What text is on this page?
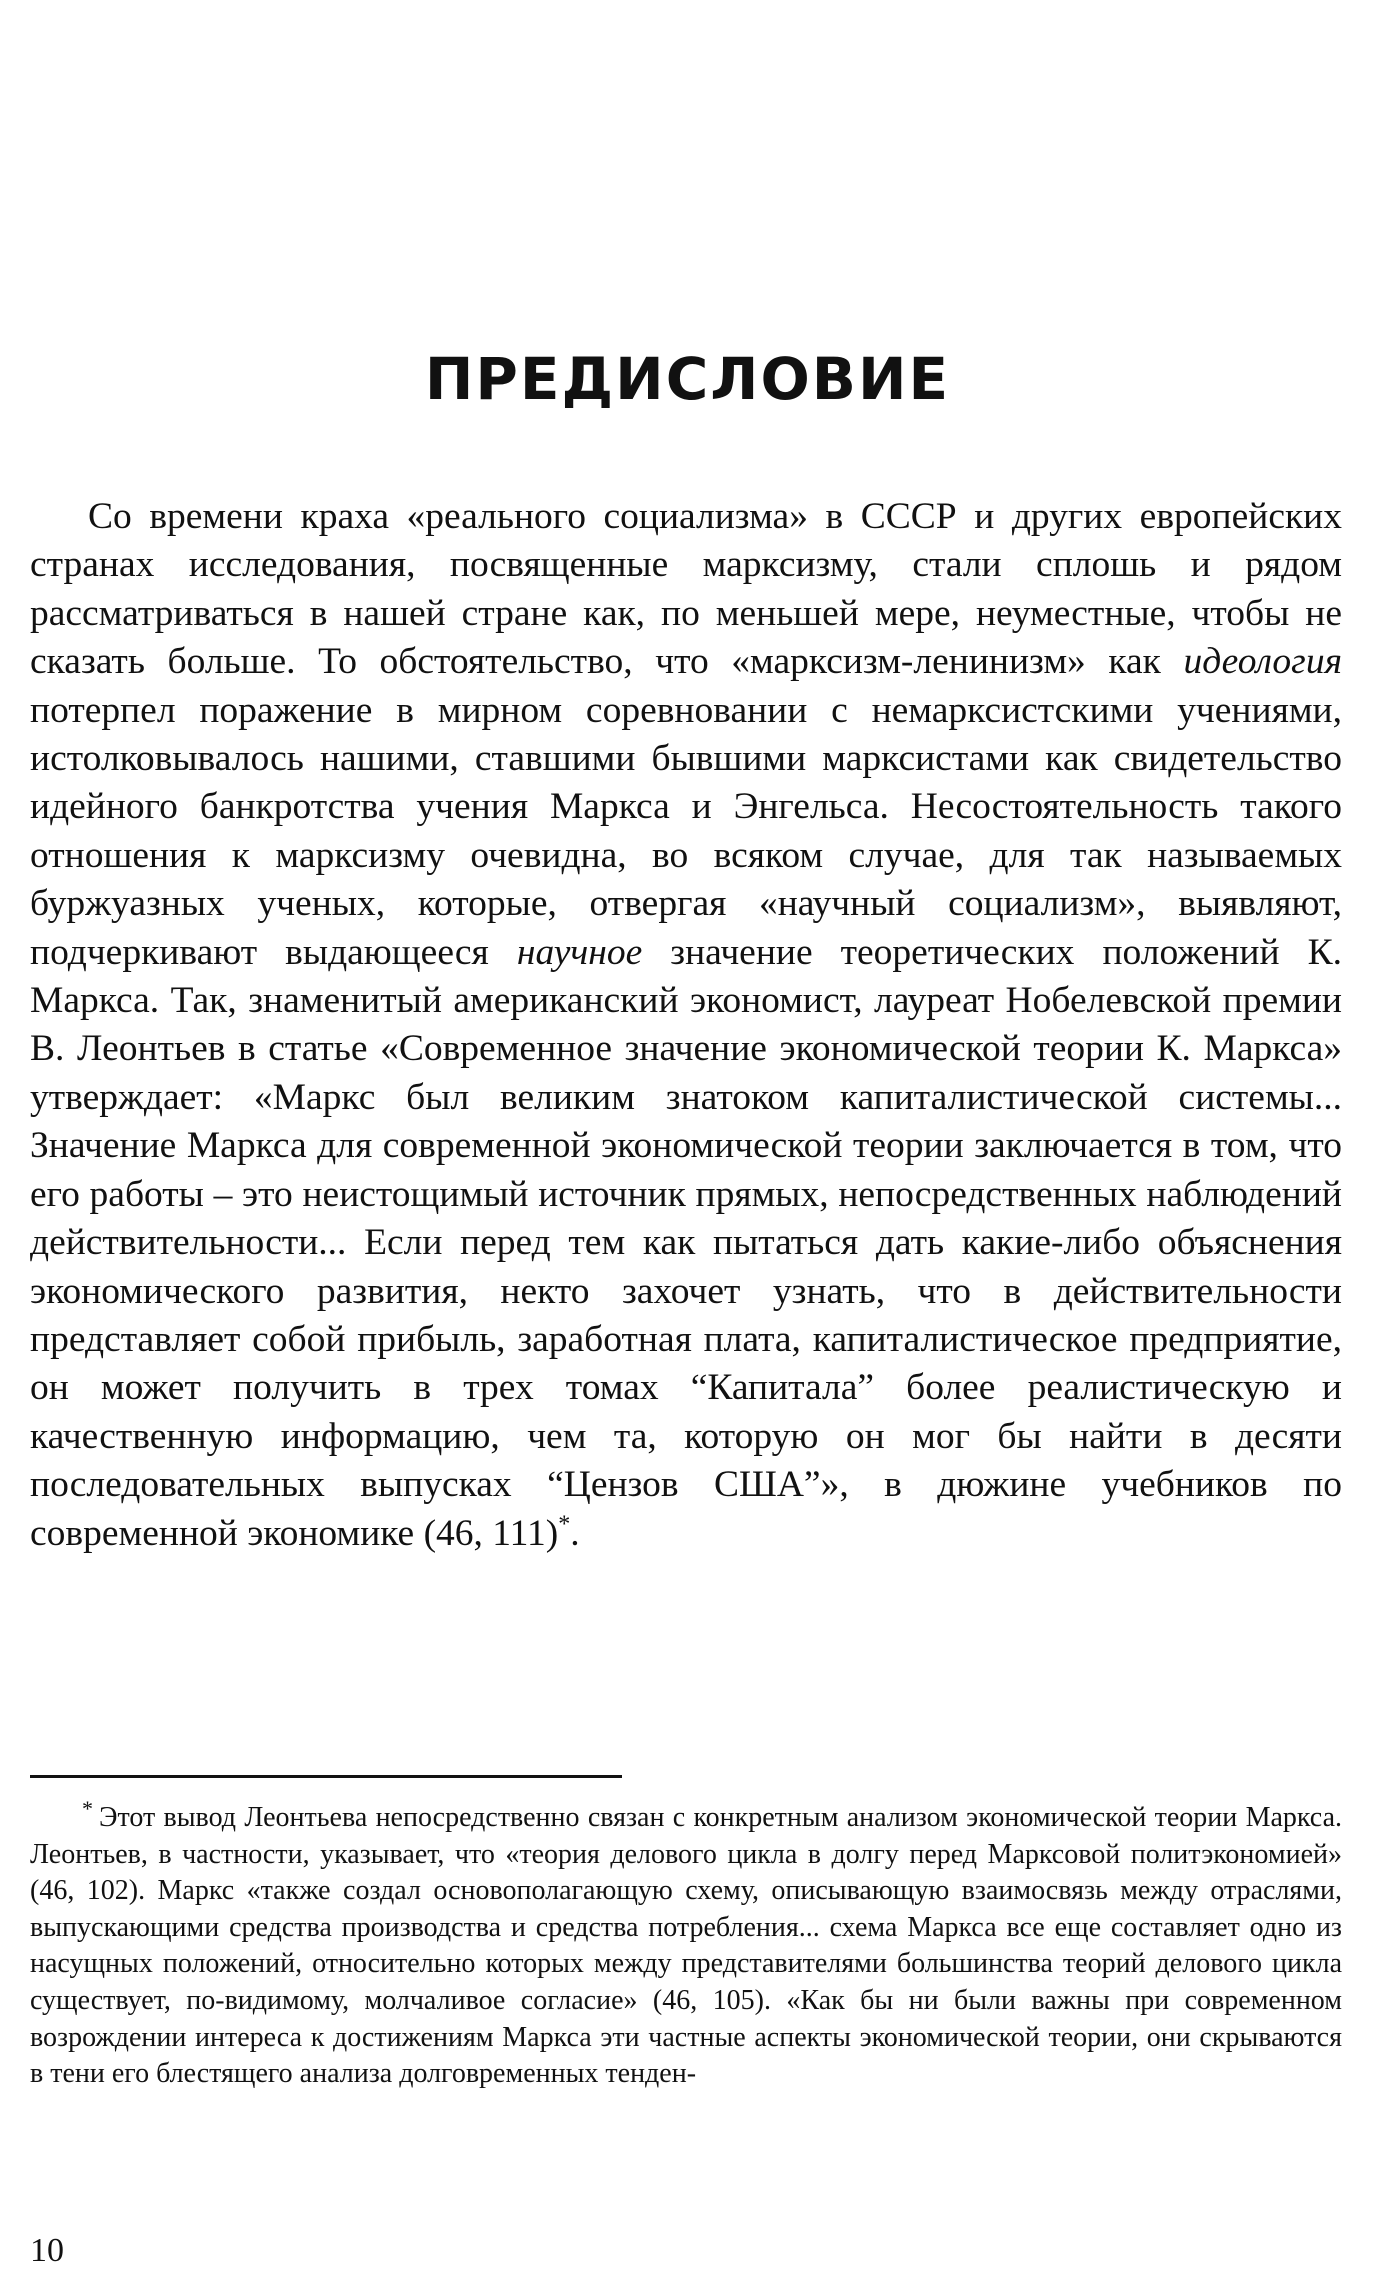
ПРЕДИСЛОВИЕ

Со времени краха «реального социализма» в СССР и других европейских странах исследования, посвященные марксизму, стали сплошь и рядом рассматриваться в нашей стране как, по меньшей мере, неуместные, чтобы не сказать больше. То обстоятельство, что «марксизм-ленинизм» как идеология потерпел поражение в мирном соревновании с немарксистскими учениями, истолковывалось нашими, ставшими бывшими марксистами как свидетельство идейного банкротства учения Маркса и Энгельса. Несостоятельность такого отношения к марксизму очевидна, во всяком случае, для так называемых буржуазных ученых, которые, отвергая «научный социализм», выявляют, подчеркивают выдающееся научное значение теоретических положений К. Маркса. Так, знаменитый американский экономист, лауреат Нобелевской премии В. Леонтьев в статье «Современное значение экономической теории К. Маркса» утверждает: «Маркс был великим знатоком капиталистической системы... Значение Маркса для современной экономической теории заключается в том, что его работы – это неистощимый источник прямых, непосредственных наблюдений действительности... Если перед тем как пытаться дать какие-либо объяснения экономического развития, некто захочет узнать, что в действительности представляет собой прибыль, заработная плата, капиталистическое предприятие, он может получить в трех томах “Капитала” более реалистическую и качественную информацию, чем та, которую он мог бы найти в десяти последовательных выпусках “Цензов США”», в дюжине учебников по современной экономике (46, 111)*.

* Этот вывод Леонтьева непосредственно связан с конкретным анализом экономической теории Маркса. Леонтьев, в частности, указывает, что «теория делового цикла в долгу перед Марксовой политэкономией» (46, 102). Маркс «также создал основополагающую схему, описывающую взаимосвязь между отраслями, выпускающими средства производства и средства потребления... схема Маркса все еще составляет одно из насущных положений, относительно которых между представителями большинства теорий делового цикла существует, по-видимому, молчаливое согласие» (46, 105). «Как бы ни были важны при современном возрождении интереса к достижениям Маркса эти частные аспекты экономической теории, они скрываются в тени его блестящего анализа долговременных тенден-

10
